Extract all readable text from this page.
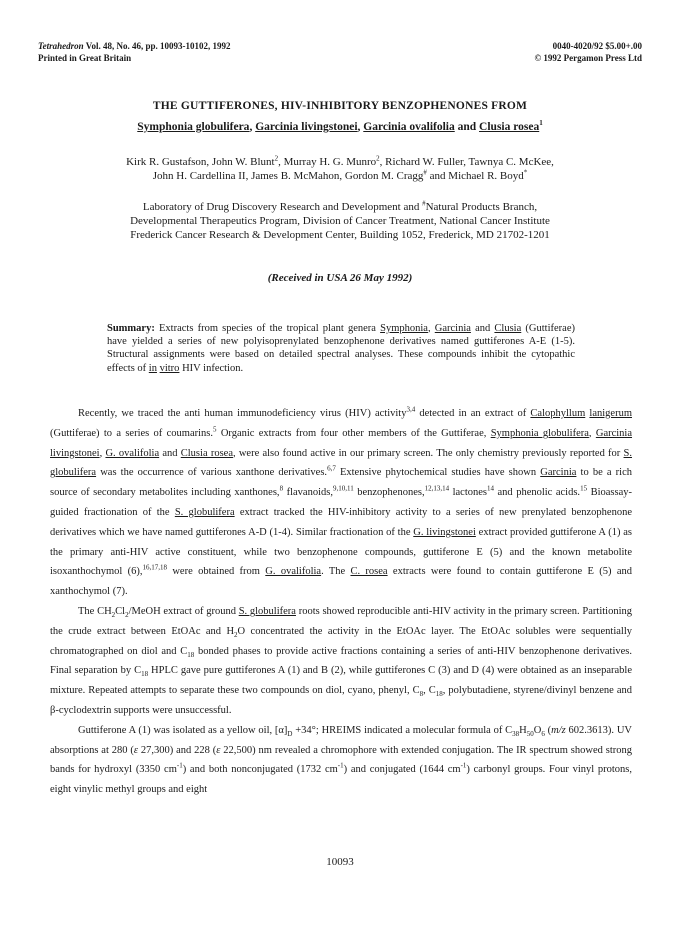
Tetrahedron Vol. 48, No. 46, pp. 10093-10102, 1992
Printed in Great Britain
0040-4020/92 $5.00+.00
© 1992 Pergamon Press Ltd

THE GUTTIFERONES, HIV-INHIBITORY BENZOPHENONES FROM

Symphonia globulifera, Garcinia livingstonei, Garcinia ovalifolia and Clusia rosea$^1$

Kirk R. Gustafson, John W. Blunt$^2$, Murray H. G. Munro$^2$, Richard W. Fuller, Tawnya C. McKee,
John H. Cardellina II, James B. McMahon, Gordon M. Cragg# and Michael R. Boyd*
Laboratory of Drug Discovery Research and Development and #Natural Products Branch,
Developmental Therapeutics Program, Division of Cancer Treatment, National Cancer Institute
Frederick Cancer Research & Development Center, Building 1052, Frederick, MD 21702-1201
(Received in USA 26 May 1992)
Summary: Extracts from species of the tropical plant genera Symphonia, Garcinia and Clusia (Guttiferae) have yielded a series of new polyisoprenylated benzophenone derivatives named guttiferones A-E (1-5). Structural assignments were based on detailed spectral analyses. These compounds inhibit the cytopathic effects of in vitro HIV infection.

Recently, we traced the anti human immunodeficiency virus (HIV) activity$^{3,4}$ detected in an extract of Calophyllum lanigerum (Guttiferae) to a series of coumarins.$^5$ Organic extracts from four other members of the Guttiferae, Symphonia globulifera, Garcinia livingstonei, G. ovalifolia and Clusia rosea, were also found active in our primary screen. The only chemistry previously reported for S. globulifera was the occurrence of various xanthone derivatives.$^{6,7}$ Extensive phytochemical studies have shown Garcinia to be a rich source of secondary metabolites including xanthones,$^8$ flavanoids,$^{9,10,11}$ benzophenones,$^{12,13,14}$ lactones$^{14}$ and phenolic acids.$^{15}$ Bioassay-guided fractionation of the S. globulifera extract tracked the HIV-inhibitory activity to a series of new prenylated benzophenone derivatives which we have named guttiferones A-D (1-4). Similar fractionation of the G. livingstonei extract provided guttiferone A (1) as the primary anti-HIV active constituent, while two benzophenone compounds, guttiferone E (5) and the known metabolite isoxanthochymol (6),$^{16,17,18}$ were obtained from G. ovalifolia. The C. rosea extracts were found to contain guttiferone E (5) and xanthochymol (7).

The $CH_2Cl_2$/MeOH extract of ground S. globulifera roots showed reproducible anti-HIV activity in the primary screen. Partitioning the crude extract between EtOAc and $H_2O$ concentrated the activity in the EtOAc layer. The EtOAc solubles were sequentially chromatographed on diol and $C_{18}$ bonded phases to provide active fractions containing a series of anti-HIV benzophenone derivatives. Final separation by $C_{18}$ HPLC gave pure guttiferones A (1) and B (2), while guttiferones C (3) and D (4) were obtained as an inseparable mixture. Repeated attempts to separate these two compounds on diol, cyano, phenyl, $C_8$, $C_{18}$, polybutadiene, styrene/divinyl benzene and β-cyclodextrin supports were unsuccessful.

Guttiferone A (1) was isolated as a yellow oil, $[\alpha]_D +34^\circ$; HREIMS indicated a molecular formula of $C_{38}H_{50}O_6$ (m/z 602.3613). UV absorptions at 280 (ε 27,300) and 228 (ε 22,500) nm revealed a chromophore with extended conjugation. The IR spectrum showed strong bands for hydroxyl (3350 $cm^{-1}$) and both nonconjugated (1732 $cm^{-1}$) and conjugated (1644 $cm^{-1}$) carbonyl groups. Four vinyl protons, eight vinylic methyl groups and eight

10093
